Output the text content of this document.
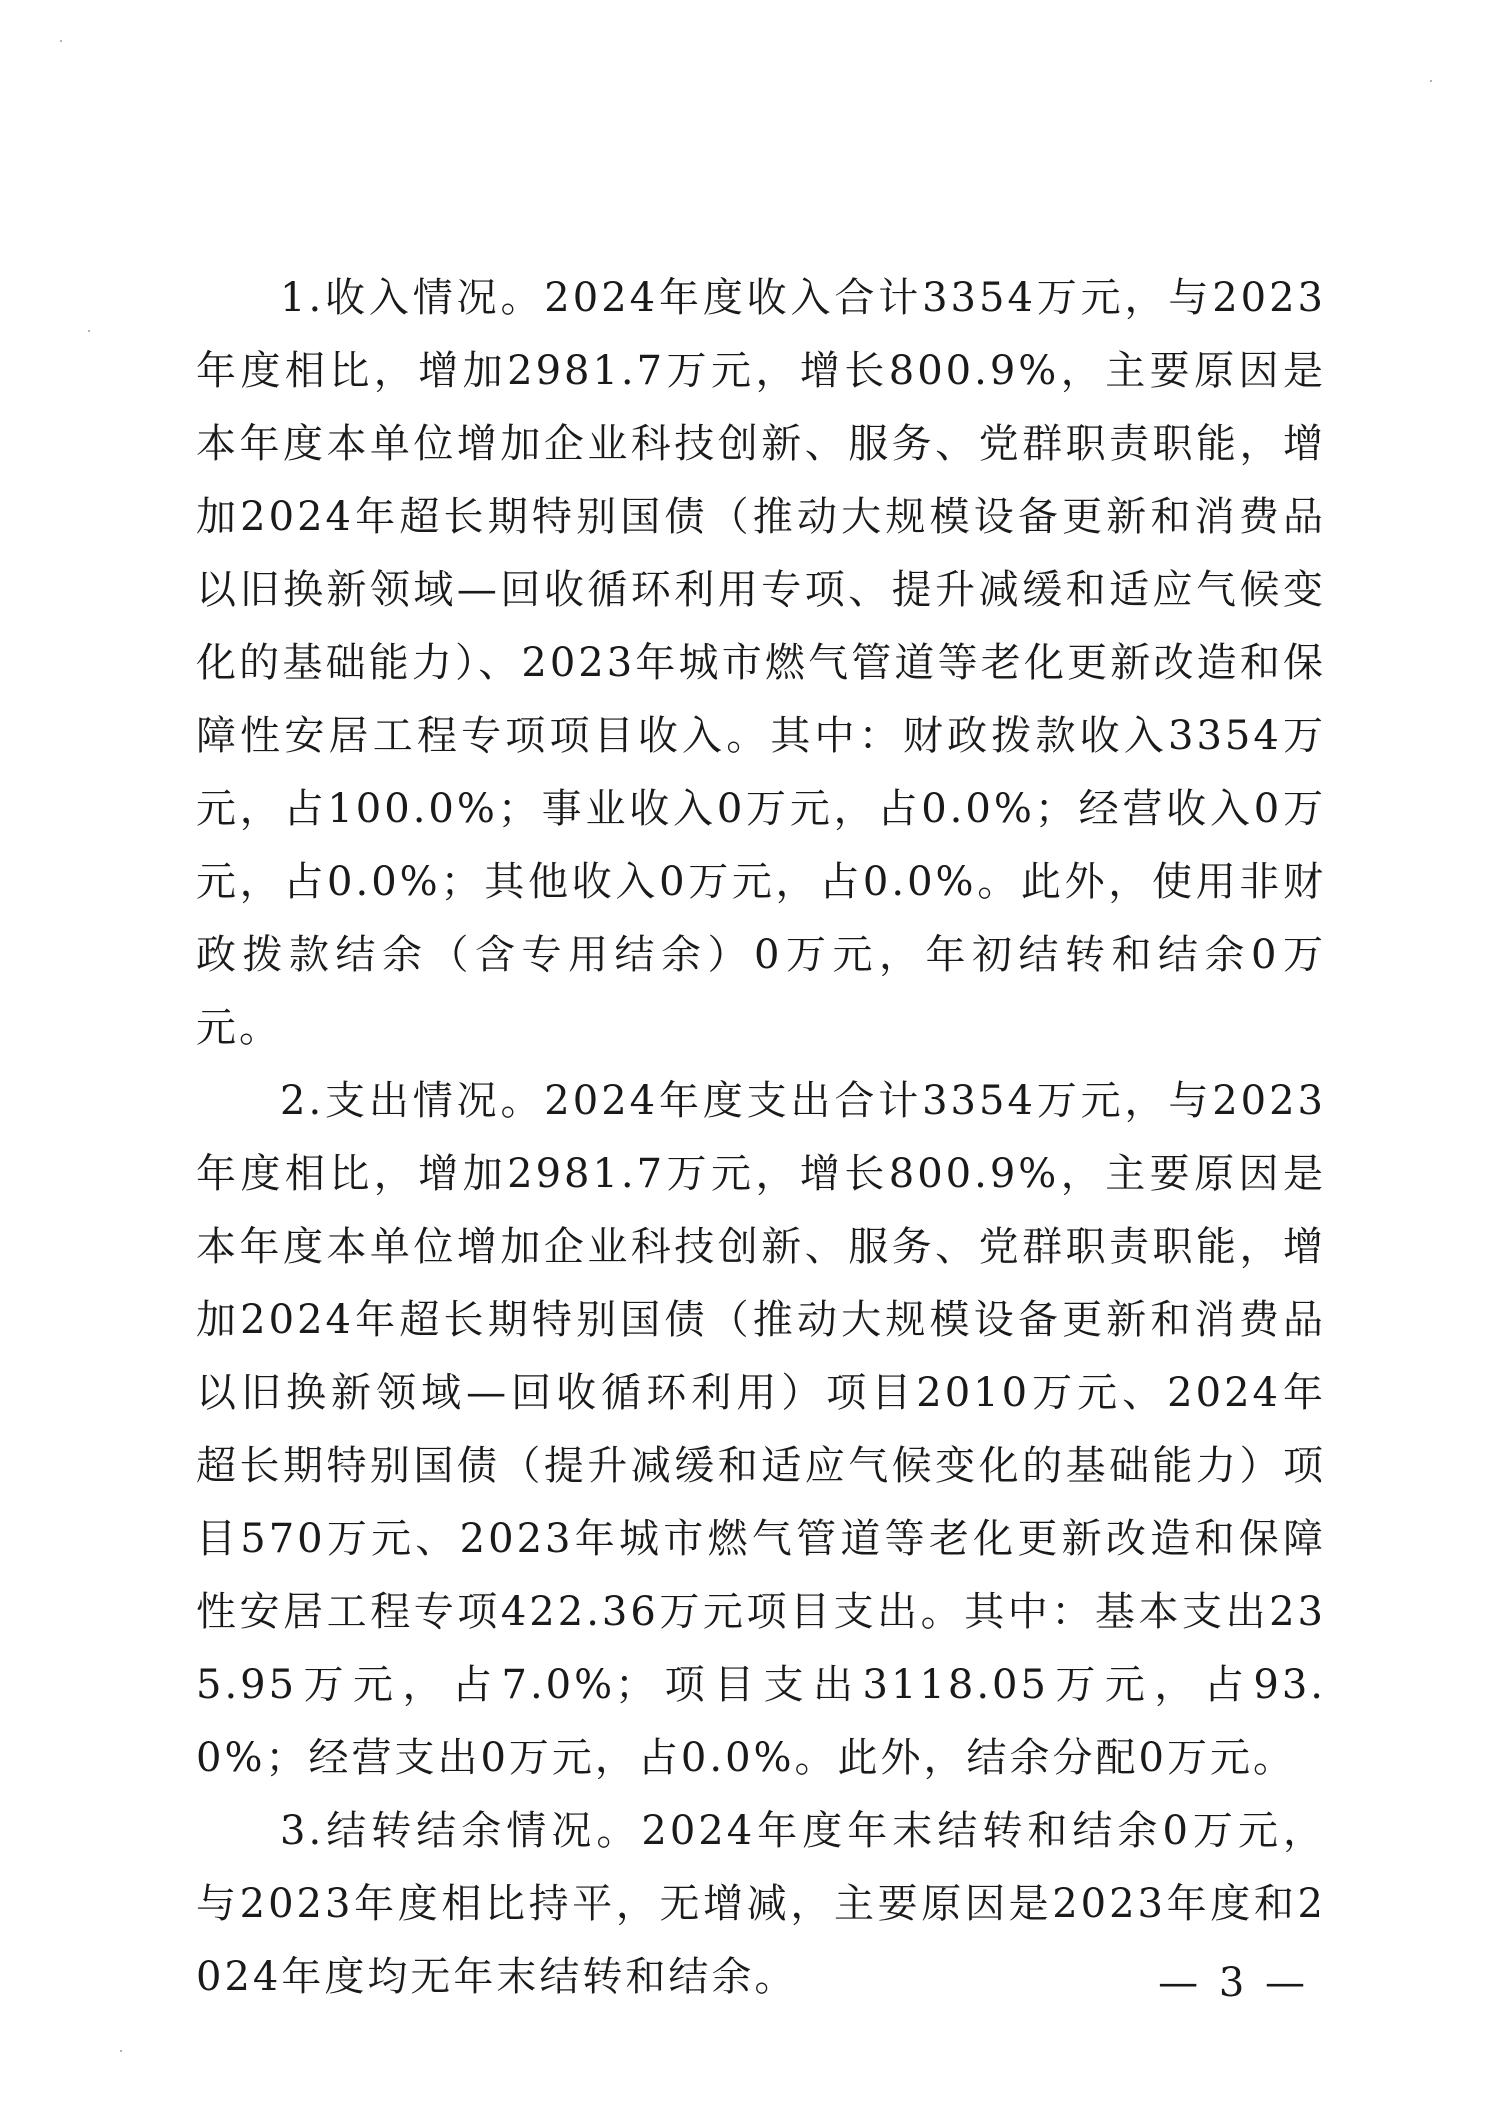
1.收入情况。2024年度收入合计3354万元，与2023年度相比，增加2981.7万元，增长800.9%，主要原因是本年度本单位增加企业科技创新、服务、党群职责职能，增加2024年超长期特别国债（推动大规模设备更新和消费品以旧换新领域—回收循环利用专项、提升减缓和适应气候变化的基础能力）、2023年城市燃气管道等老化更新改造和保障性安居工程专项项目收入。其中：财政拨款收入3354万元，占100.0%；事业收入0万元，占0.0%；经营收入0万元，占0.0%；其他收入0万元，占0.0%。此外，使用非财政拨款结余（含专用结余）0万元，年初结转和结余0万元。

2.支出情况。2024年度支出合计3354万元，与2023年度相比，增加2981.7万元，增长800.9%，主要原因是本年度本单位增加企业科技创新、服务、党群职责职能，增加2024年超长期特别国债（推动大规模设备更新和消费品以旧换新领域—回收循环利用）项目2010万元、2024年超长期特别国债（提升减缓和适应气候变化的基础能力）项目570万元、2023年城市燃气管道等老化更新改造和保障性安居工程专项422.36万元项目支出。其中：基本支出235.95万元，占7.0%；项目支出3118.05万元，占93.0%；经营支出0万元，占0.0%。此外，结余分配0万元。

3.结转结余情况。2024年度年末结转和结余0万元，与2023年度相比持平，无增减，主要原因是2023年度和2024年度均无年末结转和结余。	— 3 —
